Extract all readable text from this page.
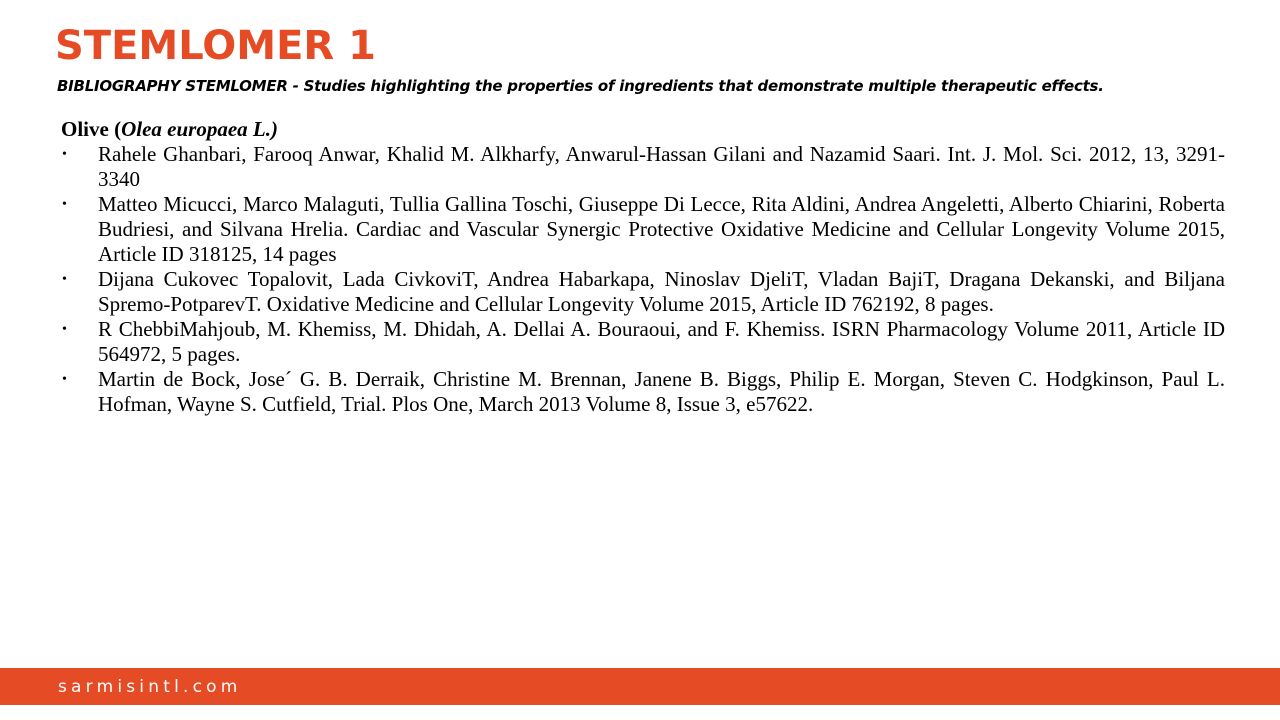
STEMLOMER 1

BIBLIOGRAPHY STEMLOMER - Studies highlighting the properties of ingredients that demonstrate multiple therapeutic effects.

Olive (Olea europaea L.)

•	Rahele Ghanbari, Farooq Anwar, Khalid M. Alkharfy, Anwarul-Hassan Gilani and Nazamid Saari. Int. J. Mol. Sci. 2012, 13, 3291-3340
•	Matteo Micucci, Marco Malaguti, Tullia Gallina Toschi, Giuseppe Di Lecce, Rita Aldini, Andrea Angeletti, Alberto Chiarini, Roberta Budriesi, and Silvana Hrelia. Cardiac and Vascular Synergic Protective Oxidative Medicine and Cellular Longevity Volume 2015, Article ID 318125, 14 pages
•	Dijana Cukovec Topalovit, Lada CivkoviT, Andrea Habarkapa, Ninoslav DjeliT, Vladan BajiT, Dragana Dekanski, and Biljana Spremo-PotparevT. Oxidative Medicine and Cellular Longevity Volume 2015, Article ID 762192, 8 pages.
•	R ChebbiMahjoub, M. Khemiss, M. Dhidah, A. Dellai A. Bouraoui, and F. Khemiss. ISRN Pharmacology Volume 2011, Article ID 564972, 5 pages.
•	Martin de Bock, Jose´ G. B. Derraik, Christine M. Brennan, Janene B. Biggs, Philip E. Morgan, Steven C. Hodgkinson, Paul L. Hofman, Wayne S. Cutfield, Trial. Plos One, March 2013 Volume 8, Issue 3, e57622.
sarmisintl.com
